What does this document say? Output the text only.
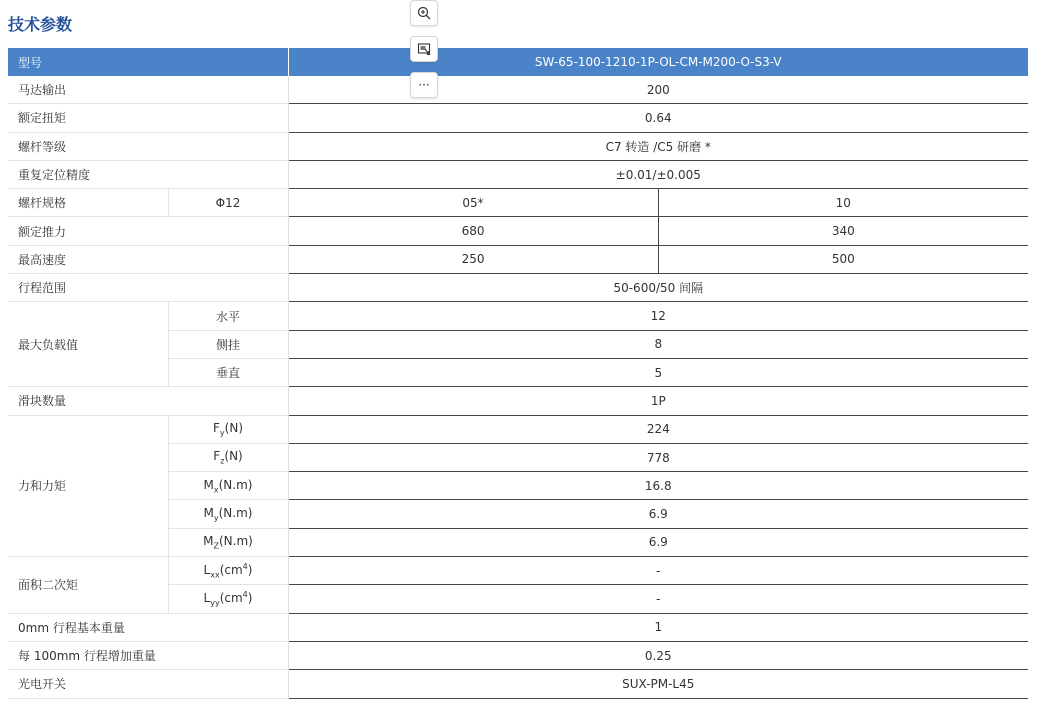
技术参数
···
型号		SW-65-100-1210-1P-OL-CM-M200-O-S3-V	
马达输出		200	
额定扭矩		0.64	
螺杆等级		C7 转造 /C5 研磨 *	
重复定位精度		±0.01/±0.005	
螺杆规格	Φ12	05*	10
额定推力		680	340
最高速度		250	500
行程范围		50-600/50 间隔	
最大负载值	水平	12	
	侧挂	8	
	垂直	5	
滑块数量		1P	
力和力矩	$F_y(N)$	224	
	$F_z(N)$	778	
	$M_x(N.m)$	16.8	
	$M_y(N.m)$	6.9	
	$M_Z(N.m)$	6.9	
面积二次矩	$L_{xx}(cm^4)$	-	
	$L_{yy}(cm^4)$	-	
0mm 行程基本重量		1	
每 100mm 行程增加重量		0.25	
光电开关		SUX-PM-L45	
